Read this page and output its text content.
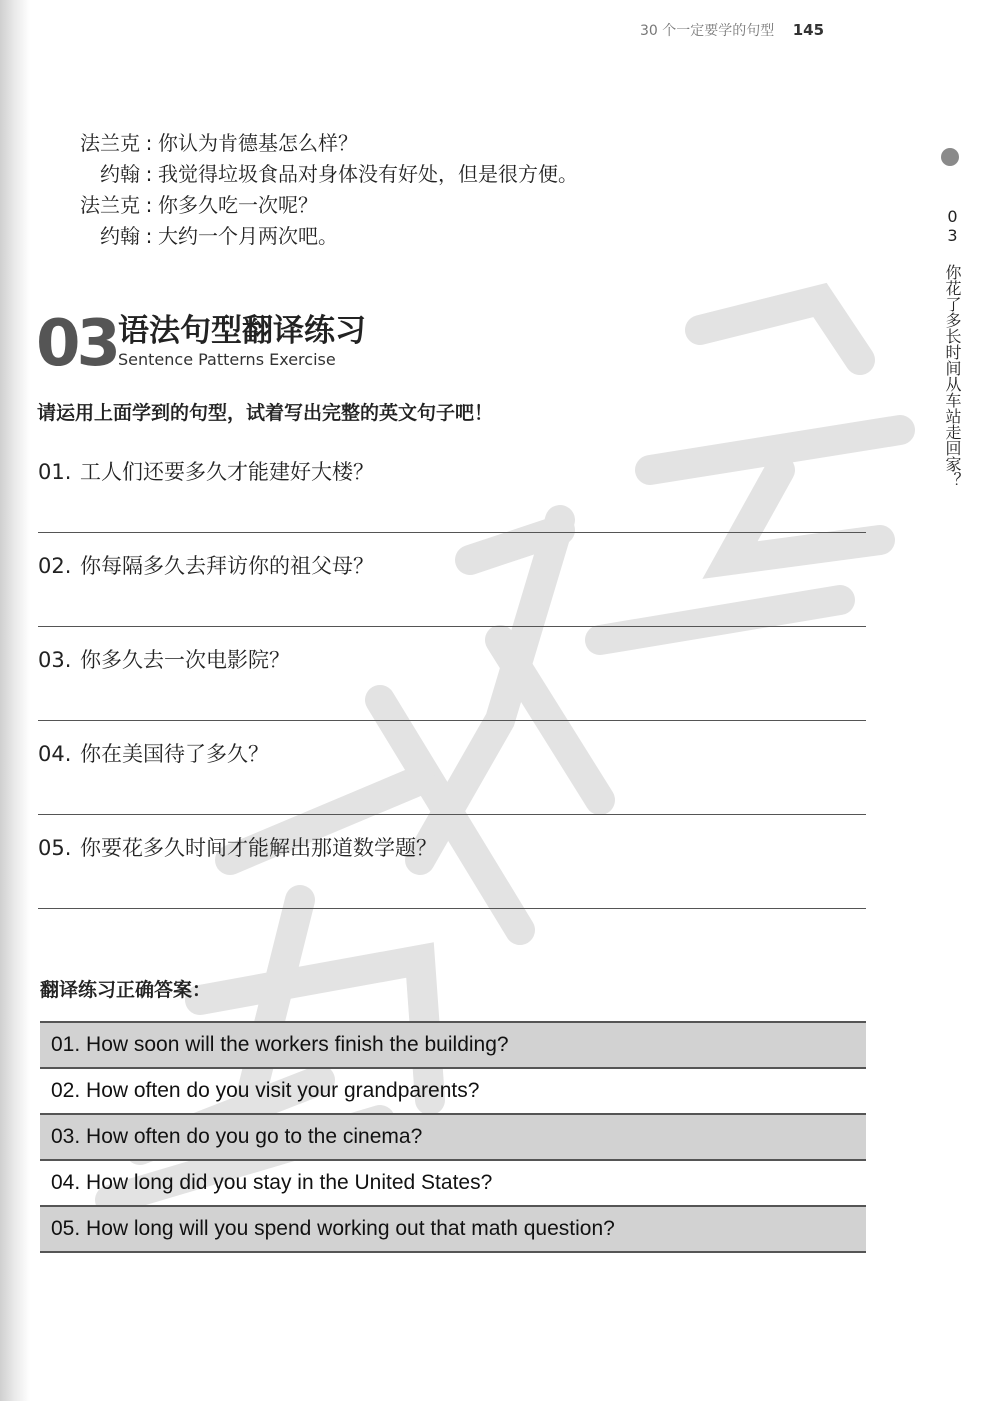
30 个一定要学的句型 145
03 你花了多长时间从车站走回家？
法兰克 : 你认为肯德基怎么样？
约翰 : 我觉得垃圾食品对身体没有好处，但是很方便。
法兰克 : 你多久吃一次呢？
约翰 : 大约一个月两次吧。
03 语法句型翻译练习
Sentence Patterns Exercise
请运用上面学到的句型，试着写出完整的英文句子吧！
01. 工人们还要多久才能建好大楼？
02. 你每隔多久去拜访你的祖父母？
03. 你多久去一次电影院？
04. 你在美国待了多久？
05. 你要花多久时间才能解出那道数学题？
翻译练习正确答案：
01. How soon will the workers finish the building?
02. How often do you visit your grandparents?
03. How often do you go to the cinema?
04. How long did you stay in the United States?
05. How long will you spend working out that math question?
